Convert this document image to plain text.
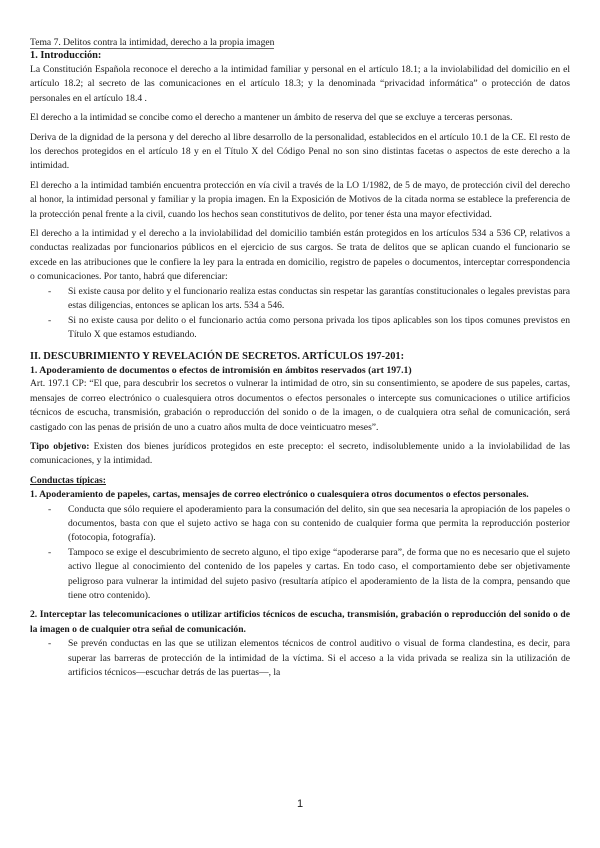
Tema 7. Delitos contra la intimidad, derecho a la propia imagen
1. Introducción:

La Constitución Española reconoce el derecho a la intimidad familiar y personal en el artículo 18.1; a la inviolabilidad del domicilio en el artículo 18.2; al secreto de las comunicaciones en el artículo 18.3; y la denominada “privacidad informática” o protección de datos personales en el artículo 18.4 .

El derecho a la intimidad se concibe como el derecho a mantener un ámbito de reserva del que se excluye a terceras personas.

Deriva de la dignidad de la persona y del derecho al libre desarrollo de la personalidad, establecidos en el artículo 10.1 de la CE. El resto de los derechos protegidos en el artículo 18 y en el Título X del Código Penal no son sino distintas facetas o aspectos de este derecho a la intimidad.

El derecho a la intimidad también encuentra protección en vía civil a través de la LO 1/1982, de 5 de mayo, de protección civil del derecho al honor, la intimidad personal y familiar y la propia imagen. En la Exposición de Motivos de la citada norma se establece la preferencia de la protección penal frente a la civil, cuando los hechos sean constitutivos de delito, por tener ésta una mayor efectividad.

El derecho a la intimidad y el derecho a la inviolabilidad del domicilio también están protegidos en los artículos 534 a 536 CP, relativos a conductas realizadas por funcionarios públicos en el ejercicio de sus cargos. Se trata de delitos que se aplican cuando el funcionario se excede en las atribuciones que le confiere la ley para la entrada en domicilio, registro de papeles o documentos, interceptar correspondencia o comunicaciones. Por tanto, habrá que diferenciar:

- Si existe causa por delito y el funcionario realiza estas conductas sin respetar las garantías constitucionales o legales previstas para estas diligencias, entonces se aplican los arts. 534 a 546.
- Si no existe causa por delito o el funcionario actúa como persona privada los tipos aplicables son los tipos comunes previstos en Título X que estamos estudiando.
II. DESCUBRIMIENTO Y REVELACIÓN DE SECRETOS. ARTÍCULOS 197-201:
1. Apoderamiento de documentos o efectos de intromisión en ámbitos reservados (art 197.1)

Art. 197.1 CP: “El que, para descubrir los secretos o vulnerar la intimidad de otro, sin su consentimiento, se apodere de sus papeles, cartas, mensajes de correo electrónico o cualesquiera otros documentos o efectos personales o intercepte sus comunicaciones o utilice artificios técnicos de escucha, transmisión, grabación o reproducción del sonido o de la imagen, o de cualquiera otra señal de comunicación, será castigado con las penas de prisión de uno a cuatro años multa de doce veinticuatro meses”.

Tipo objetivo: Existen dos bienes jurídicos protegidos en este precepto: el secreto, indisolublemente unido a la inviolabilidad de las comunicaciones, y la intimidad.

Conductas típicas:

1. Apoderamiento de papeles, cartas, mensajes de correo electrónico o cualesquiera otros documentos o efectos personales.

- Conducta que sólo requiere el apoderamiento para la consumación del delito, sin que sea necesaria la apropiación de los papeles o documentos, basta con que el sujeto activo se haga con su contenido de cualquier forma que permita la reproducción posterior (fotocopia, fotografía).
- Tampoco se exige el descubrimiento de secreto alguno, el tipo exige “apoderarse para”, de forma que no es necesario que el sujeto activo llegue al conocimiento del contenido de los papeles y cartas. En todo caso, el comportamiento debe ser objetivamente peligroso para vulnerar la intimidad del sujeto pasivo (resultaría atípico el apoderamiento de la lista de la compra, pensando que tiene otro contenido).

2. Interceptar las telecomunicaciones o utilizar artificios técnicos de escucha, transmisión, grabación o reproducción del sonido o de la imagen o de cualquier otra señal de comunicación.

- Se prevén conductas en las que se utilizan elementos técnicos de control auditivo o visual de forma clandestina, es decir, para superar las barreras de protección de la intimidad de la víctima. Si el acceso a la vida privada se realiza sin la utilización de artificios técnicos—escuchar detrás de las puertas—, la
1
